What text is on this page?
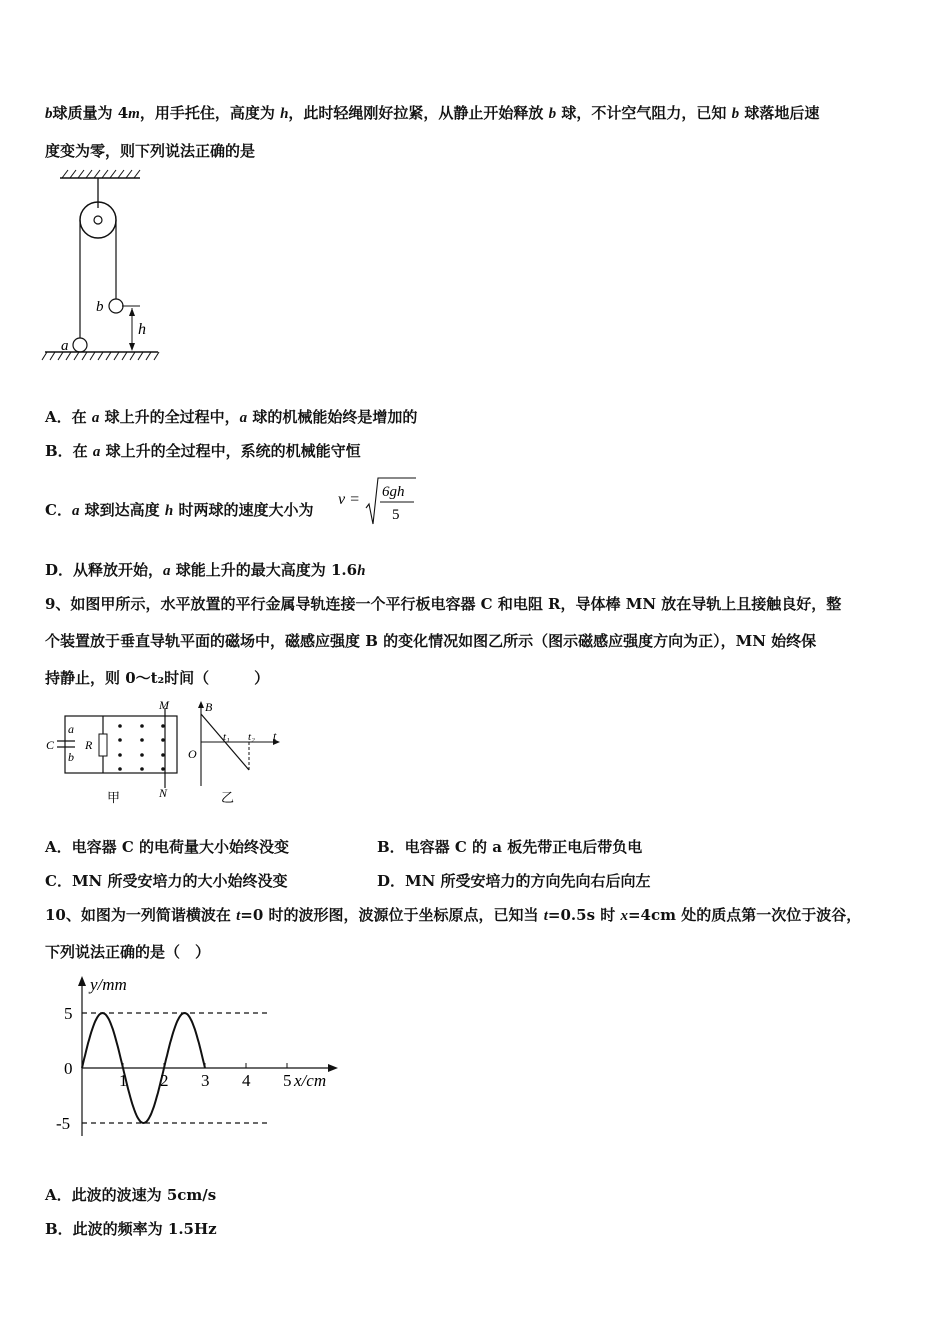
b球质量为 4m，用手托住，高度为 h，此时轻绳刚好拉紧，从静止开始释放 b 球，不计空气阻力，已知 b 球落地后速
度变为零，则下列说法正确的是
b
a
h
A．在 a 球上升的全过程中，a 球的机械能始终是增加的
B．在 a 球上升的全过程中，系统的机械能守恒
C．a 球到达高度 h 时两球的速度大小为
v = 6gh
5
D．从释放开始，a 球能上升的最大高度为 1.6h
9、如图甲所示，水平放置的平行金属导轨连接一个平行板电容器 C 和电阻 R，导体棒 MN 放在导轨上且接触良好，整
个装置放于垂直导轨平面的磁场中，磁感应强度 B 的变化情况如图乙所示（图示磁感应强度方向为正），MN 始终保
持静止，则 0～t₂时间（　　　）
a
b
C	R
M
N
甲
B
O
t₁ t₂ t
乙
A．电容器 C 的电荷量大小始终没变	B．电容器 C 的 a 板先带正电后带负电
C．MN 所受安培力的大小始终没变	D．MN 所受安培力的方向先向右后向左
10、如图为一列简谐横波在 t=0 时的波形图，波源位于坐标原点，已知当 t=0.5s 时 x=4cm 处的质点第一次位于波谷，
下列说法正确的是（　）
1 2 3 4 5
5
0
-5
y/mm
x/cm
A．此波的波速为 5cm/s
B．此波的频率为 1.5Hz
